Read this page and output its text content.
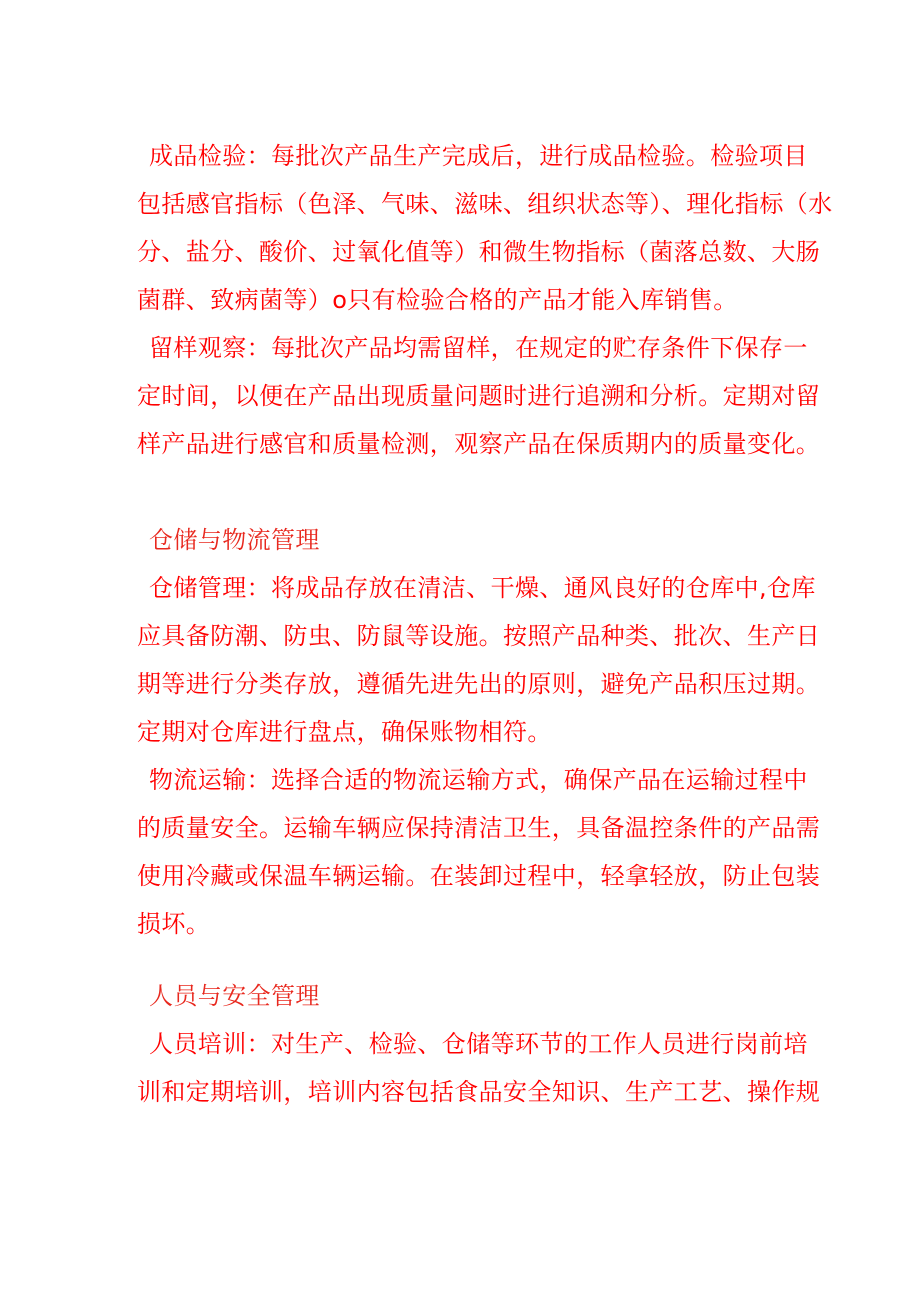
成品检验：每批次产品生产完成后，进行成品检验。检验项目
包括感官指标（色泽、气味、滋味、组织状态等）、理化指标（水
分、盐分、酸价、过氧化值等）和微生物指标（菌落总数、大肠
菌群、致病菌等）o只有检验合格的产品才能入库销售。
留样观察：每批次产品均需留样，在规定的贮存条件下保存一
定时间，以便在产品出现质量问题时进行追溯和分析。定期对留
样产品进行感官和质量检测，观察产品在保质期内的质量变化。
仓储与物流管理
仓储管理：将成品存放在清洁、干燥、通风良好的仓库中,仓库
应具备防潮、防虫、防鼠等设施。按照产品种类、批次、生产日
期等进行分类存放，遵循先进先出的原则，避免产品积压过期。
定期对仓库进行盘点，确保账物相符。
物流运输：选择合适的物流运输方式，确保产品在运输过程中
的质量安全。运输车辆应保持清洁卫生，具备温控条件的产品需
使用冷藏或保温车辆运输。在装卸过程中，轻拿轻放，防止包装
损坏。
人员与安全管理
人员培训：对生产、检验、仓储等环节的工作人员进行岗前培
训和定期培训，培训内容包括食品安全知识、生产工艺、操作规
